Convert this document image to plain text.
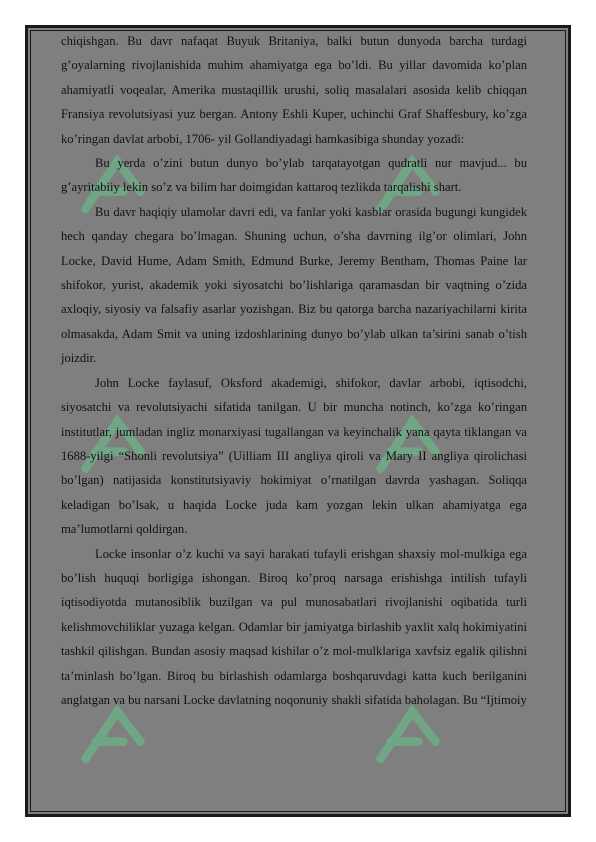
chiqishgan. Bu davr nafaqat Buyuk Britaniya, balki butun dunyoda barcha turdagi g’oyalarning rivojlanishida muhim ahamiyatga ega bo’ldi. Bu yillar davomida ko’plan ahamiyatli voqealar, Amerika mustaqillik urushi, soliq masalalari asosida kelib chiqqan Fransiya revolutsiyasi yuz bergan. Antony Eshli Kuper, uchinchi Graf Shaffesbury, ko’zga ko’ringan davlat arbobi, 1706- yil Gollandiyadagi hamkasibiga shunday yozadi:

Bu yerda o’zini butun dunyo bo’ylab tarqatayotgan qudratli nur mavjud... bu g’ayritabiiy lekin so’z va bilim har doimgidan kattaroq tezlikda tarqalishi shart.

Bu davr haqiqiy ulamolar davri edi, va fanlar yoki kasblar orasida bugungi kungidek hech qanday chegara bo’lmagan. Shuning uchun, o’sha davrning ilg’or olimlari, John Locke, David Hume, Adam Smith, Edmund Burke, Jeremy Bentham, Thomas Paine lar shifokor, yurist, akademik yoki siyosatchi bo’lishlariga qaramasdan bir vaqtning o’zida axloqiy, siyosiy va falsafiy asarlar yozishgan. Biz bu qatorga barcha nazariyachilarni kirita olmasakda, Adam Smit va uning izdoshlarining dunyo bo’ylab ulkan ta’sirini sanab o’tish joizdir.

John Locke faylasuf, Oksford akademigi, shifokor, davlar arbobi, iqtisodchi, siyosatchi va revolutsiyachi sifatida tanilgan. U bir muncha notinch, ko’zga ko’ringan institutlar, jumladan ingliz monarxiyasi tugallangan va keyinchalik yana qayta tiklangan va 1688-yilgi “Shonli revolutsiya” (Uilliam III angliya qiroli va Mary II angliya qirolichasi bo’lgan) natijasida konstitutsiyaviy hokimiyat o’rnatilgan davrda yashagan. Soliqqa keladigan bo’lsak, u haqida Locke juda kam yozgan lekin ulkan ahamiyatga ega ma’lumotlarni qoldirgan.

Locke insonlar o’z kuchi va sayi harakati tufayli erishgan shaxsiy mol-mulkiga ega bo’lish huquqi borligiga ishongan. Biroq ko’proq narsaga erishishga intilish tufayli iqtisodiyotda mutanosiblik buzilgan va pul munosabatlari rivojlanishi oqibatida turli kelishmovchiliklar yuzaga kelgan. Odamlar bir jamiyatga birlashib yaxlit xalq hokimiyatini tashkil qilishgan. Bundan asosiy maqsad kishilar o’z mol-mulklariga xavfsiz egalik qilishni ta’minlash bo’lgan. Biroq bu birlashish odamlarga boshqaruvdagi katta kuch berilganini anglatgan va bu narsani Locke davlatning noqonuniy shakli sifatida baholagan. Bu “Ijtimoiy
